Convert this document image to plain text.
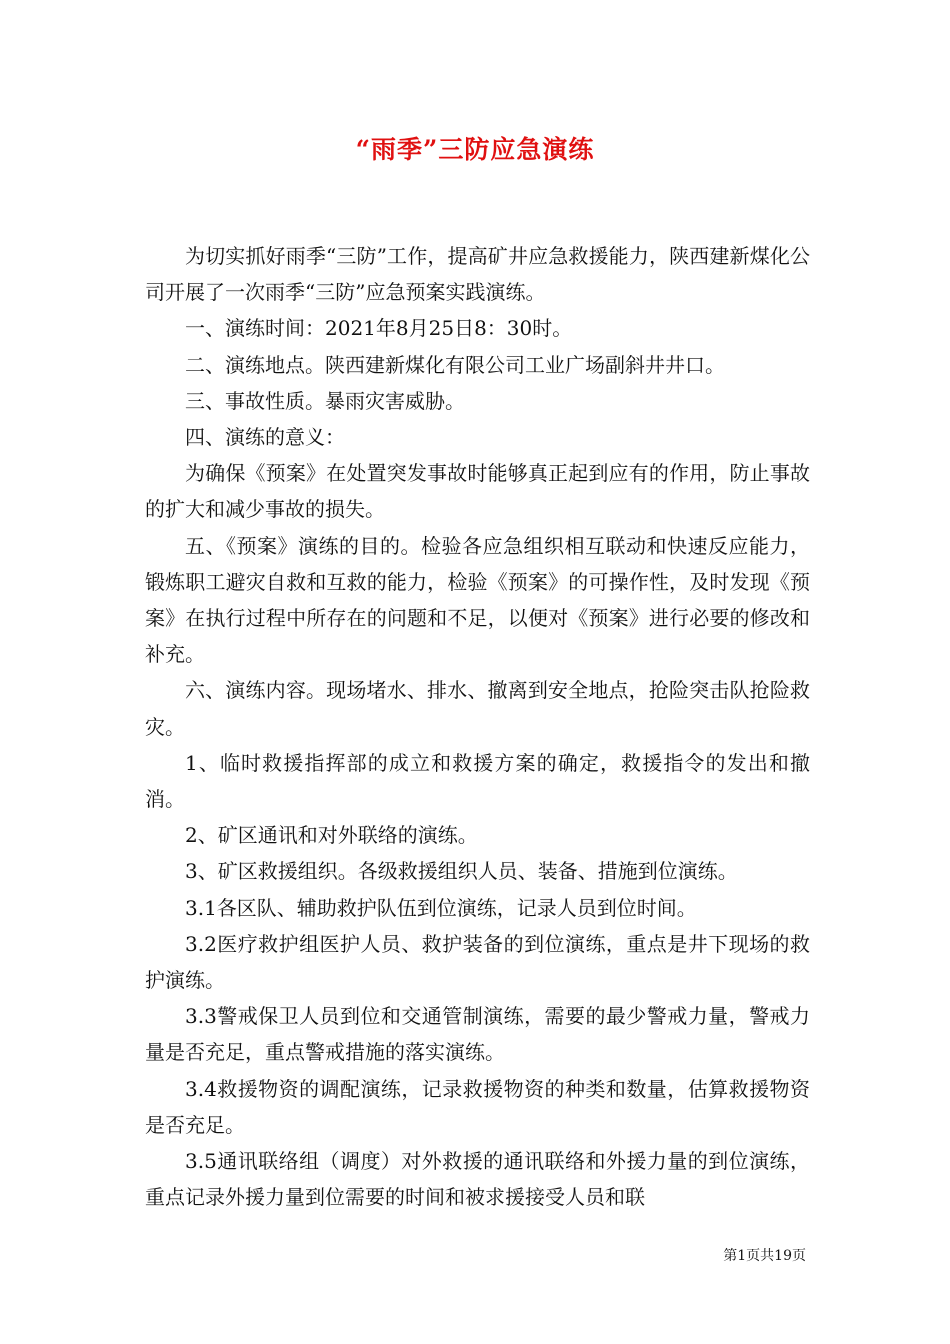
“雨季”三防应急演练

为切实抓好雨季“三防”工作，提高矿井应急救援能力，陕西建新煤化公司开展了一次雨季“三防”应急预案实践演练。

一、演练时间：2021年8月25日8：30时。

二、演练地点。陕西建新煤化有限公司工业广场副斜井井口。

三、事故性质。暴雨灾害威胁。

四、演练的意义：

为确保《预案》在处置突发事故时能够真正起到应有的作用，防止事故的扩大和减少事故的损失。

五、《预案》演练的目的。检验各应急组织相互联动和快速反应能力，锻炼职工避灾自救和互救的能力，检验《预案》的可操作性，及时发现《预案》在执行过程中所存在的问题和不足，以便对《预案》进行必要的修改和补充。

六、演练内容。现场堵水、排水、撤离到安全地点，抢险突击队抢险救灾。

1、临时救援指挥部的成立和救援方案的确定，救援指令的发出和撤消。

2、矿区通讯和对外联络的演练。

3、矿区救援组织。各级救援组织人员、装备、措施到位演练。

3.1各区队、辅助救护队伍到位演练，记录人员到位时间。

3.2医疗救护组医护人员、救护装备的到位演练，重点是井下现场的救护演练。

3.3警戒保卫人员到位和交通管制演练，需要的最少警戒力量，警戒力量是否充足，重点警戒措施的落实演练。

3.4救援物资的调配演练，记录救援物资的种类和数量，估算救援物资是否充足。

3.5通讯联络组（调度）对外救援的通讯联络和外援力量的到位演练，重点记录外援力量到位需要的时间和被求援接受人员和联

第1页共19页
